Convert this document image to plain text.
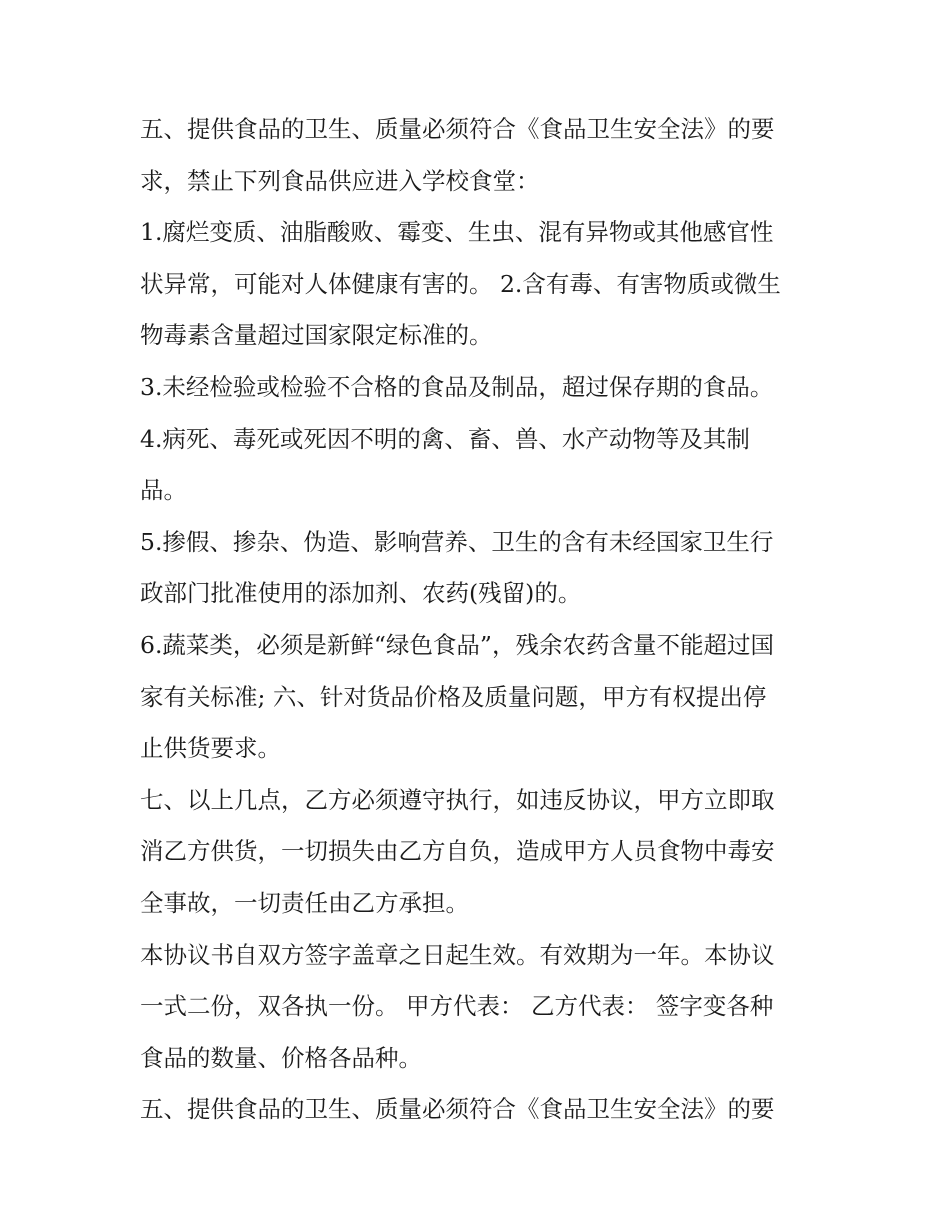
五、提供食品的卫生、质量必须符合《食品卫生安全法》的要
求，禁止下列食品供应进入学校食堂：

1.腐烂变质、油脂酸败、霉变、生虫、混有异物或其他感官性
状异常，可能对人体健康有害的。 2.含有毒、有害物质或微生
物毒素含量超过国家限定标准的。

3.未经检验或检验不合格的食品及制品，超过保存期的食品。

4.病死、毒死或死因不明的禽、畜、兽、水产动物等及其制
品。

5.掺假、掺杂、伪造、影响营养、卫生的含有未经国家卫生行
政部门批准使用的添加剂、农药(残留)的。

6.蔬菜类，必须是新鲜“绿色食品”，残余农药含量不能超过国
家有关标准; 六、针对货品价格及质量问题，甲方有权提出停
止供货要求。

七、以上几点，乙方必须遵守执行，如违反协议，甲方立即取
消乙方供货，一切损失由乙方自负，造成甲方人员食物中毒安
全事故，一切责任由乙方承担。

本协议书自双方签字盖章之日起生效。有效期为一年。本协议
一式二份，双各执一份。 甲方代表： 乙方代表： 签字变各种
食品的数量、价格各品种。

五、提供食品的卫生、质量必须符合《食品卫生安全法》的要
